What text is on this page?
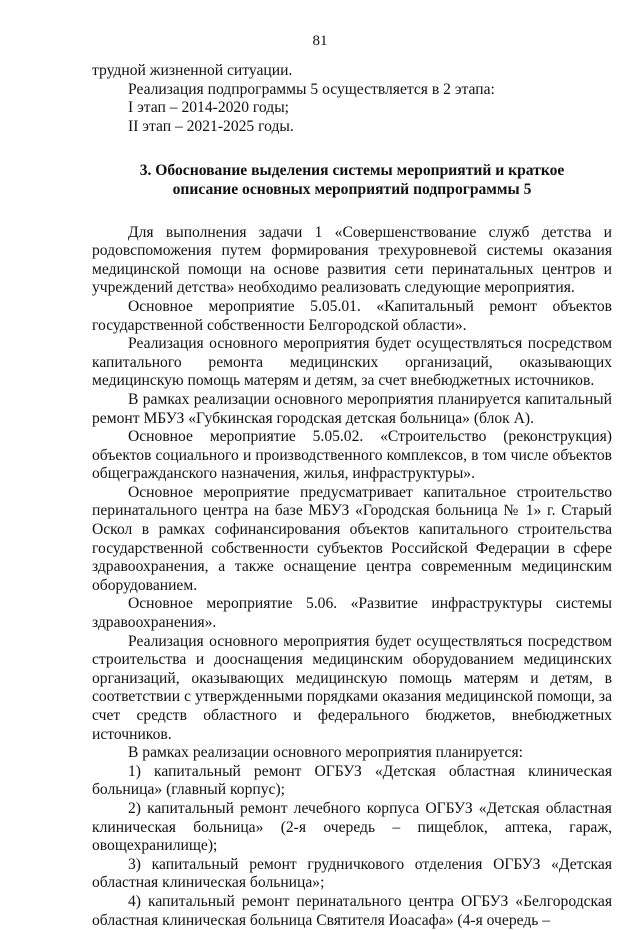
81

трудной жизненной ситуации.

Реализация подпрограммы 5 осуществляется в 2 этапа:

I этап – 2014-2020 годы;

II этап – 2021-2025 годы.

3. Обоснование выделения системы мероприятий и краткое
описание основных мероприятий подпрограммы 5

Для выполнения задачи 1 «Совершенствование служб детства и родовспоможения путем формирования трехуровневой системы оказания медицинской помощи на основе развития сети перинатальных центров и учреждений детства» необходимо реализовать следующие мероприятия.

Основное мероприятие 5.05.01. «Капитальный ремонт объектов государственной собственности Белгородской области».

Реализация основного мероприятия будет осуществляться посредством капитального ремонта медицинских организаций, оказывающих медицинскую помощь матерям и детям, за счет внебюджетных источников.

В рамках реализации основного мероприятия планируется капитальный ремонт МБУЗ «Губкинская городская детская больница» (блок А).

Основное мероприятие 5.05.02. «Строительство (реконструкция) объектов социального и производственного комплексов, в том числе объектов общегражданского назначения, жилья, инфраструктуры».

Основное мероприятие предусматривает капитальное строительство перинатального центра на базе МБУЗ «Городская больница № 1» г. Старый Оскол в рамках софинансирования объектов капитального строительства государственной собственности субъектов Российской Федерации в сфере здравоохранения, а также оснащение центра современным медицинским оборудованием.

Основное мероприятие 5.06. «Развитие инфраструктуры системы здравоохранения».

Реализация основного мероприятия будет осуществляться посредством строительства и дооснащения медицинским оборудованием медицинских организаций, оказывающих медицинскую помощь матерям и детям, в соответствии с утвержденными порядками оказания медицинской помощи, за счет средств областного и федерального бюджетов, внебюджетных источников.

В рамках реализации основного мероприятия планируется:

1) капитальный ремонт ОГБУЗ «Детская областная клиническая больница» (главный корпус);

2) капитальный ремонт лечебного корпуса ОГБУЗ «Детская областная клиническая больница» (2-я очередь – пищеблок, аптека, гараж, овощехранилище);

3) капитальный ремонт грудничкового отделения ОГБУЗ «Детская областная клиническая больница»;

4) капитальный ремонт перинатального центра ОГБУЗ «Белгородская областная клиническая больница Святителя Иоасафа» (4-я очередь –
